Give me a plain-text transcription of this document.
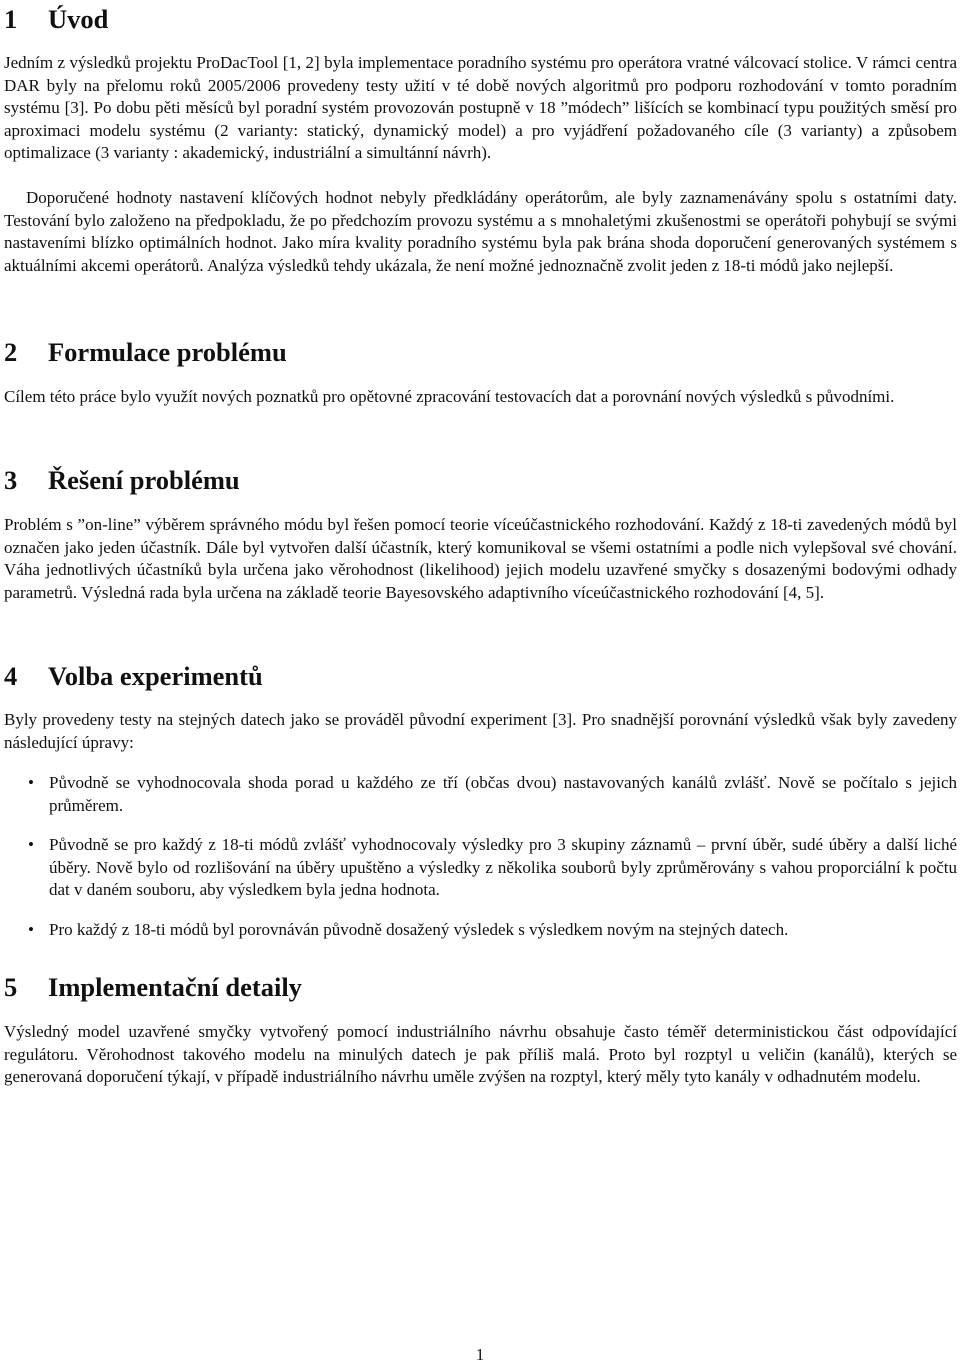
1 Úvod

Jedním z výsledků projektu ProDacTool [1, 2] byla implementace poradního systému pro operátora vratné válcovací stolice. V rámci centra DAR byly na přelomu roků 2005/2006 provedeny testy užití v té době nových algoritmů pro podporu rozhodování v tomto poradním systému [3]. Po dobu pěti měsíců byl poradní systém provozován postupně v 18 ”módech” lišících se kombinací typu použitých směsí pro aproximaci modelu systému (2 varianty: statický, dynamický model) a pro vyjádření požadovaného cíle (3 varianty) a způsobem optimalizace (3 varianty : akademický, industriální a simultánní návrh).

Doporučené hodnoty nastavení klíčových hodnot nebyly předkládány operátorům, ale byly zaznamenávány spolu s ostatními daty. Testování bylo založeno na předpokladu, že po předchozím provozu systému a s mnohaletými zkušenostmi se operátoři pohybují se svými nastaveními blízko optimálních hodnot. Jako míra kvality poradního systému byla pak brána shoda doporučení generovaných systémem s aktuálními akcemi operátorů. Analýza výsledků tehdy ukázala, že není možné jednoznačně zvolit jeden z 18-ti módů jako nejlepší.

2 Formulace problému

Cílem této práce bylo využít nových poznatků pro opětovné zpracování testovacích dat a porovnání nových výsledků s původními.

3 Řešení problému

Problém s ”on-line” výběrem správného módu byl řešen pomocí teorie víceúčastnického rozhodování. Každý z 18-ti zavedených módů byl označen jako jeden účastník. Dále byl vytvořen další účastník, který komunikoval se všemi ostatními a podle nich vylepšoval své chování. Váha jednotlivých účastníků byla určena jako věrohodnost (likelihood) jejich modelu uzavřené smyčky s dosazenými bodovými odhady parametrů. Výsledná rada byla určena na základě teorie Bayesovského adaptivního víceúčastnického rozhodování [4, 5].

4 Volba experimentů

Byly provedeny testy na stejných datech jako se prováděl původní experiment [3]. Pro snadnější porovnání výsledků však byly zavedeny následující úpravy:

• Původně se vyhodnocovala shoda porad u každého ze tří (občas dvou) nastavovaných kanálů zvlášť. Nově se počítalo s jejich průměrem.
• Původně se pro každý z 18-ti módů zvlášť vyhodnocovaly výsledky pro 3 skupiny záznamů – první úběr, sudé úběry a další liché úběry. Nově bylo od rozlišování na úběry upuštěno a výsledky z několika souborů byly zprůměrovány s vahou proporciální k počtu dat v daném souboru, aby výsledkem byla jedna hodnota.
• Pro každý z 18-ti módů byl porovnáván původně dosažený výsledek s výsledkem novým na stejných datech.
5 Implementační detaily

Výsledný model uzavřené smyčky vytvořený pomocí industriálního návrhu obsahuje často téměř deterministickou část odpovídající regulátoru. Věrohodnost takového modelu na minulých datech je pak příliš malá. Proto byl rozptyl u veličin (kanálů), kterých se generovaná doporučení týkají, v případě industriálního návrhu uměle zvýšen na rozptyl, který měly tyto kanály v odhadnutém modelu.

1
